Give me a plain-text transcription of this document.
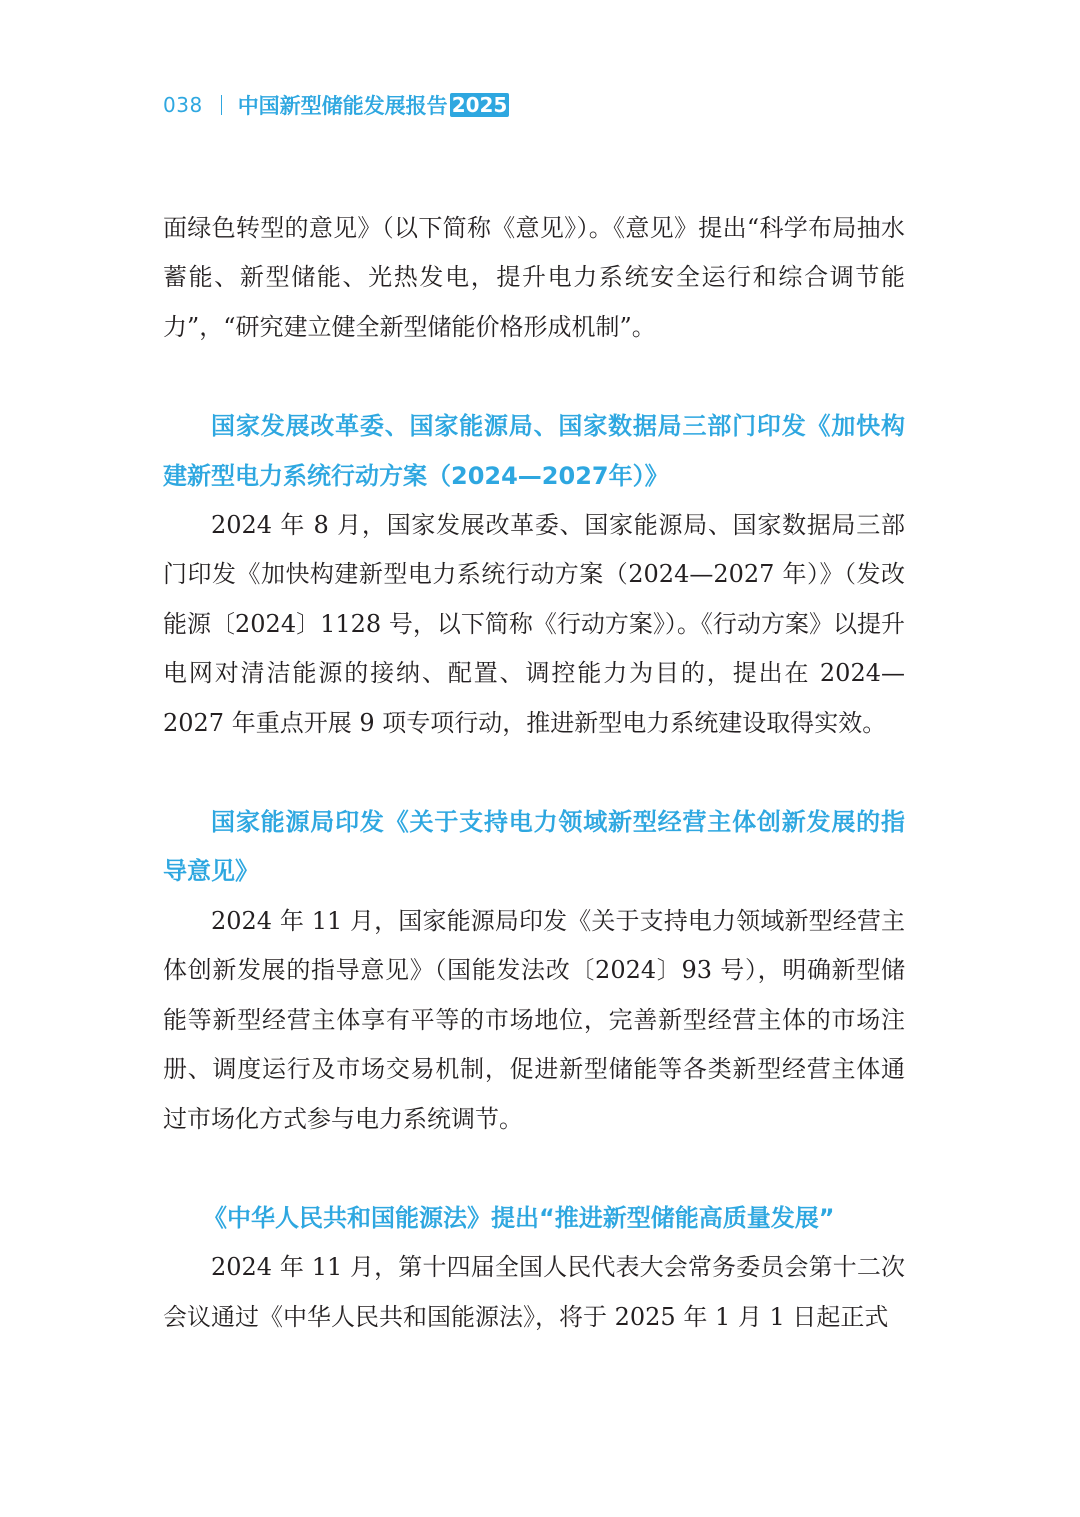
038 中国新型储能发展报告 2025

面绿色转型的意见》（以下简称《意见》）。《意见》提出“科学布局抽水蓄能、新型储能、光热发电，提升电力系统安全运行和综合调节能力”，“研究建立健全新型储能价格形成机制”。

国家发展改革委、国家能源局、国家数据局三部门印发《加快构建新型电力系统行动方案（2024—2027年）》

2024 年 8 月，国家发展改革委、国家能源局、国家数据局三部门印发《加快构建新型电力系统行动方案（2024—2027 年）》（发改能源〔2024〕1128 号，以下简称《行动方案》）。《行动方案》以提升电网对清洁能源的接纳、配置、调控能力为目的，提出在 2024—2027 年重点开展 9 项专项行动，推进新型电力系统建设取得实效。

国家能源局印发《关于支持电力领域新型经营主体创新发展的指导意见》

2024 年 11 月，国家能源局印发《关于支持电力领域新型经营主体创新发展的指导意见》（国能发法改〔2024〕93 号），明确新型储能等新型经营主体享有平等的市场地位，完善新型经营主体的市场注册、调度运行及市场交易机制，促进新型储能等各类新型经营主体通过市场化方式参与电力系统调节。

《中华人民共和国能源法》提出“推进新型储能高质量发展”

2024 年 11 月，第十四届全国人民代表大会常务委员会第十二次会议通过《中华人民共和国能源法》，将于 2025 年 1 月 1 日起正式
